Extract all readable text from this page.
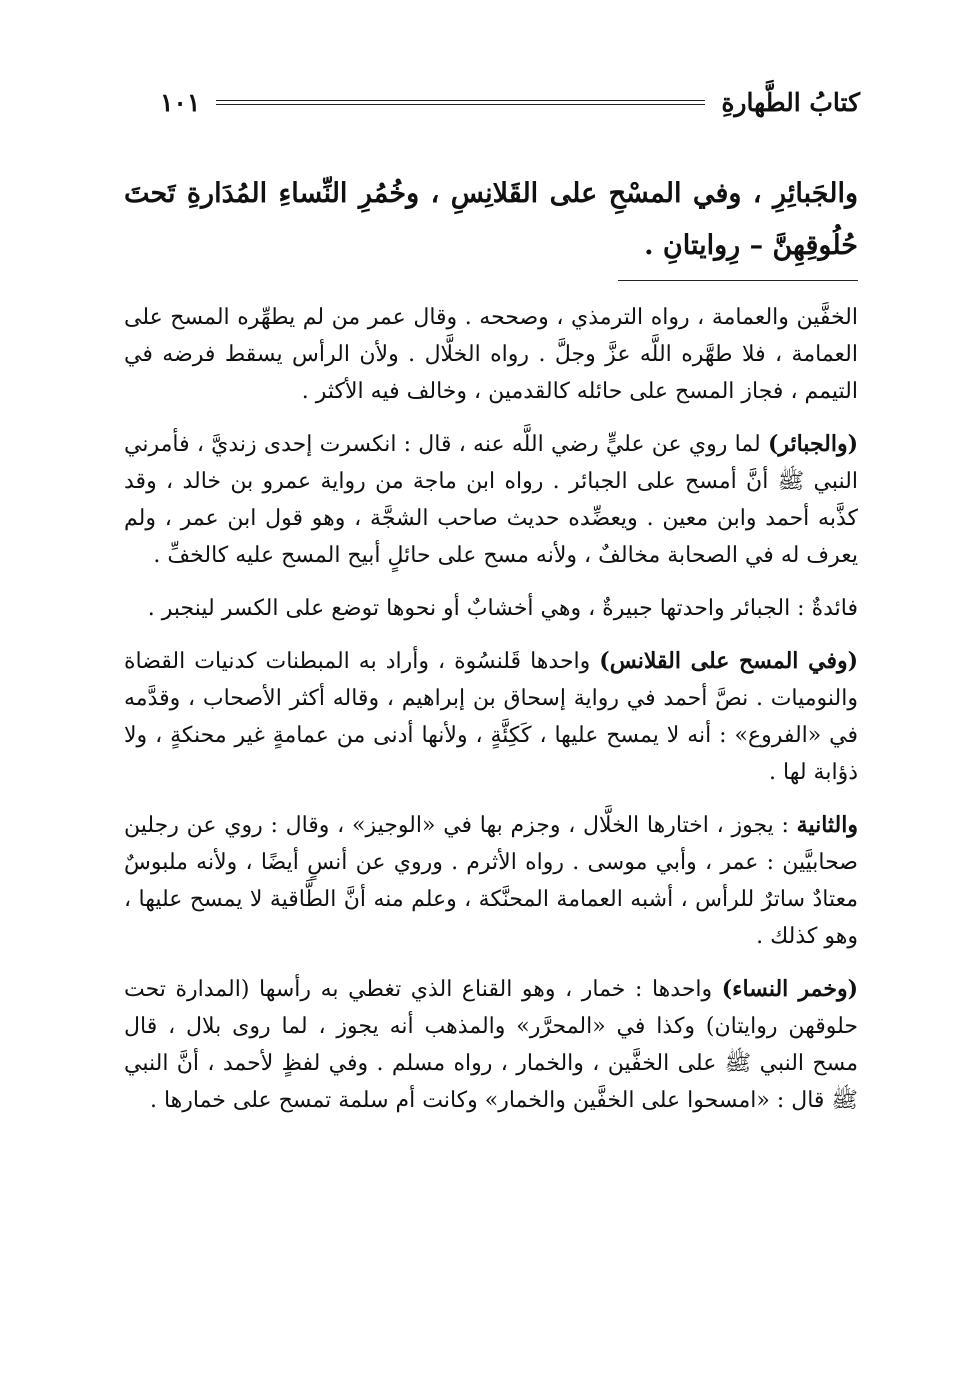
كتابُ الطَّهارةِ
١٠١

والجَبائِرِ ، وفي المسْحِ على القَلانِسِ ، وخُمُرِ النِّساءِ المُدَارةِ تَحتَ حُلُوقِهِنَّ – رِوايتانِ .

الخفَّين والعمامة ، رواه الترمذي ، وصححه . وقال عمر من لم يطهِّره المسح على العمامة ، فلا طهَّره اللَّه عزَّ وجلَّ . رواه الخلَّال . ولأن الرأس يسقط فرضه في التيمم ، فجاز المسح على حائله كالقدمين ، وخالف فيه الأكثر .

(والجبائر) لما روي عن عليٍّ رضي اللَّه عنه ، قال : انكسرت إحدى زنديَّ ، فأمرني النبي ﷺ أنَّ أمسح على الجبائر . رواه ابن ماجة من رواية عمرو بن خالد ، وقد كذَّبه أحمد وابن معين . ويعضِّده حديث صاحب الشجَّة ، وهو قول ابن عمر ، ولم يعرف له في الصحابة مخالفٌ ، ولأنه مسح على حائلٍ أبيح المسح عليه كالخفِّ .

فائدةٌ : الجبائر واحدتها جبيرةٌ ، وهي أخشابٌ أو نحوها توضع على الكسر لينجبر .

(وفي المسح على القلانس) واحدها قَلنسُوة ، وأراد به المبطنات كدنيات القضاة والنوميات . نصَّ أحمد في رواية إسحاق بن إبراهيم ، وقاله أكثر الأصحاب ، وقدَّمه في «الفروع» : أنه لا يمسح عليها ، كَكِئَّةٍ ، ولأنها أدنى من عمامةٍ غير محنكةٍ ، ولا ذؤابة لها .

والثانية : يجوز ، اختارها الخلَّال ، وجزم بها في «الوجيز» ، وقال : روي عن رجلين صحابيَّين : عمر ، وأبي موسى . رواه الأثرم . وروي عن أنسٍ أيضًا ، ولأنه ملبوسٌ معتادٌ ساترٌ للرأس ، أشبه العمامة المحنَّكة ، وعلم منه أنَّ الطَّاقية لا يمسح عليها ، وهو كذلك .

(وخمر النساء) واحدها : خمار ، وهو القناع الذي تغطي به رأسها (المدارة تحت حلوقهن روايتان) وكذا في «المحرَّر» والمذهب أنه يجوز ، لما روى بلال ، قال مسح النبي ﷺ على الخفَّين ، والخمار ، رواه مسلم . وفي لفظٍ لأحمد ، أنَّ النبي ﷺ قال : «امسحوا على الخفَّين والخمار» وكانت أم سلمة تمسح على خمارها .
